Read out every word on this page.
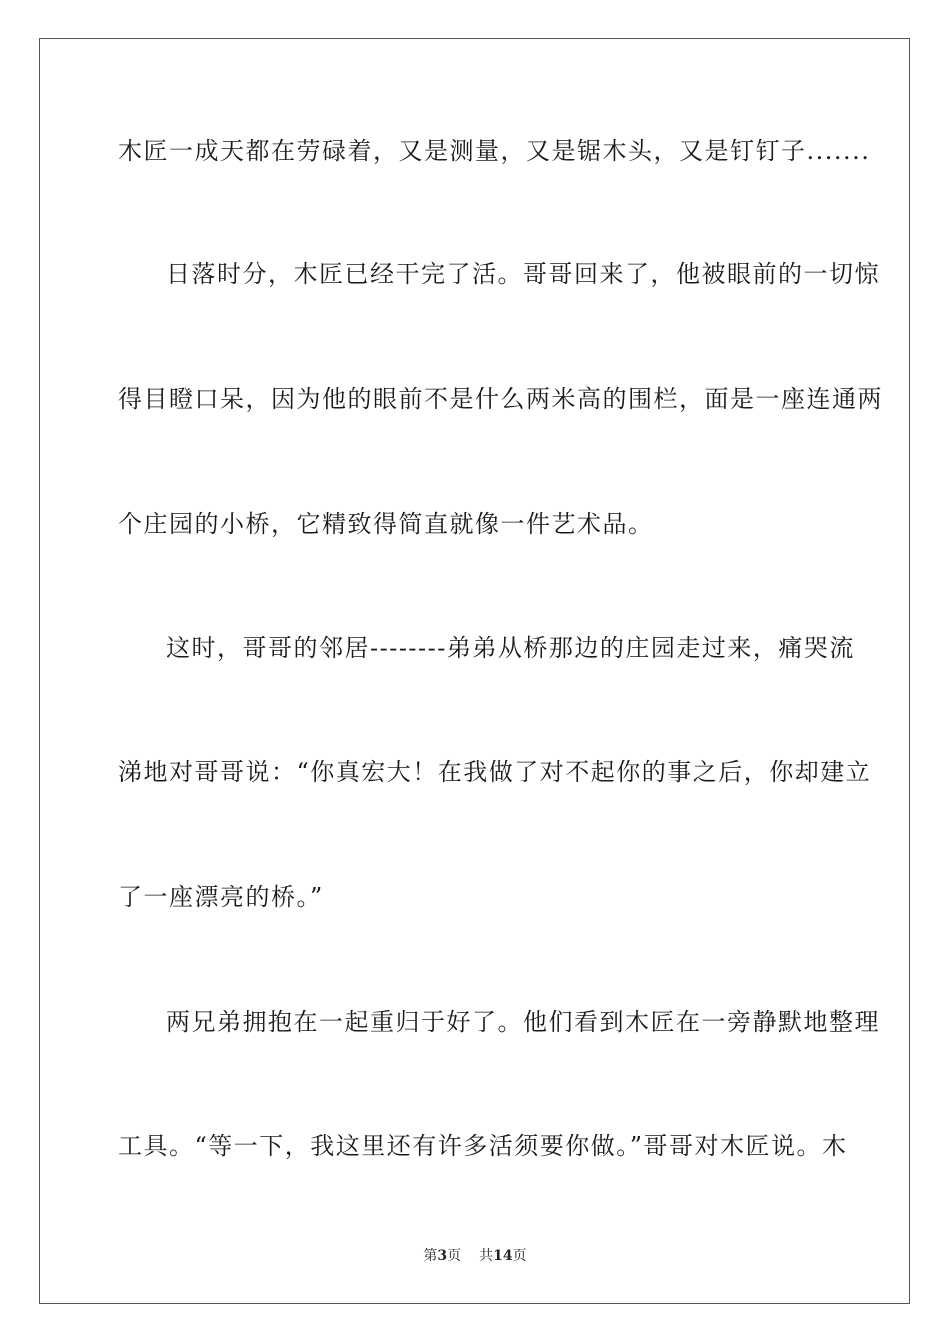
木匠一成天都在劳碌着，又是测量，又是锯木头，又是钉钉子.......
日落时分，木匠已经干完了活。哥哥回来了，他被眼前的一切惊
得目瞪口呆，因为他的眼前不是什么两米高的围栏，面是一座连通两
个庄园的小桥，它精致得简直就像一件艺术品。
这时，哥哥的邻居--------弟弟从桥那边的庄园走过来，痛哭流
涕地对哥哥说：“你真宏大！在我做了对不起你的事之后，你却建立
了一座漂亮的桥。”
两兄弟拥抱在一起重归于好了。他们看到木匠在一旁静默地整理
工具。“等一下，我这里还有许多活须要你做。”哥哥对木匠说。木
第3页 共14页
